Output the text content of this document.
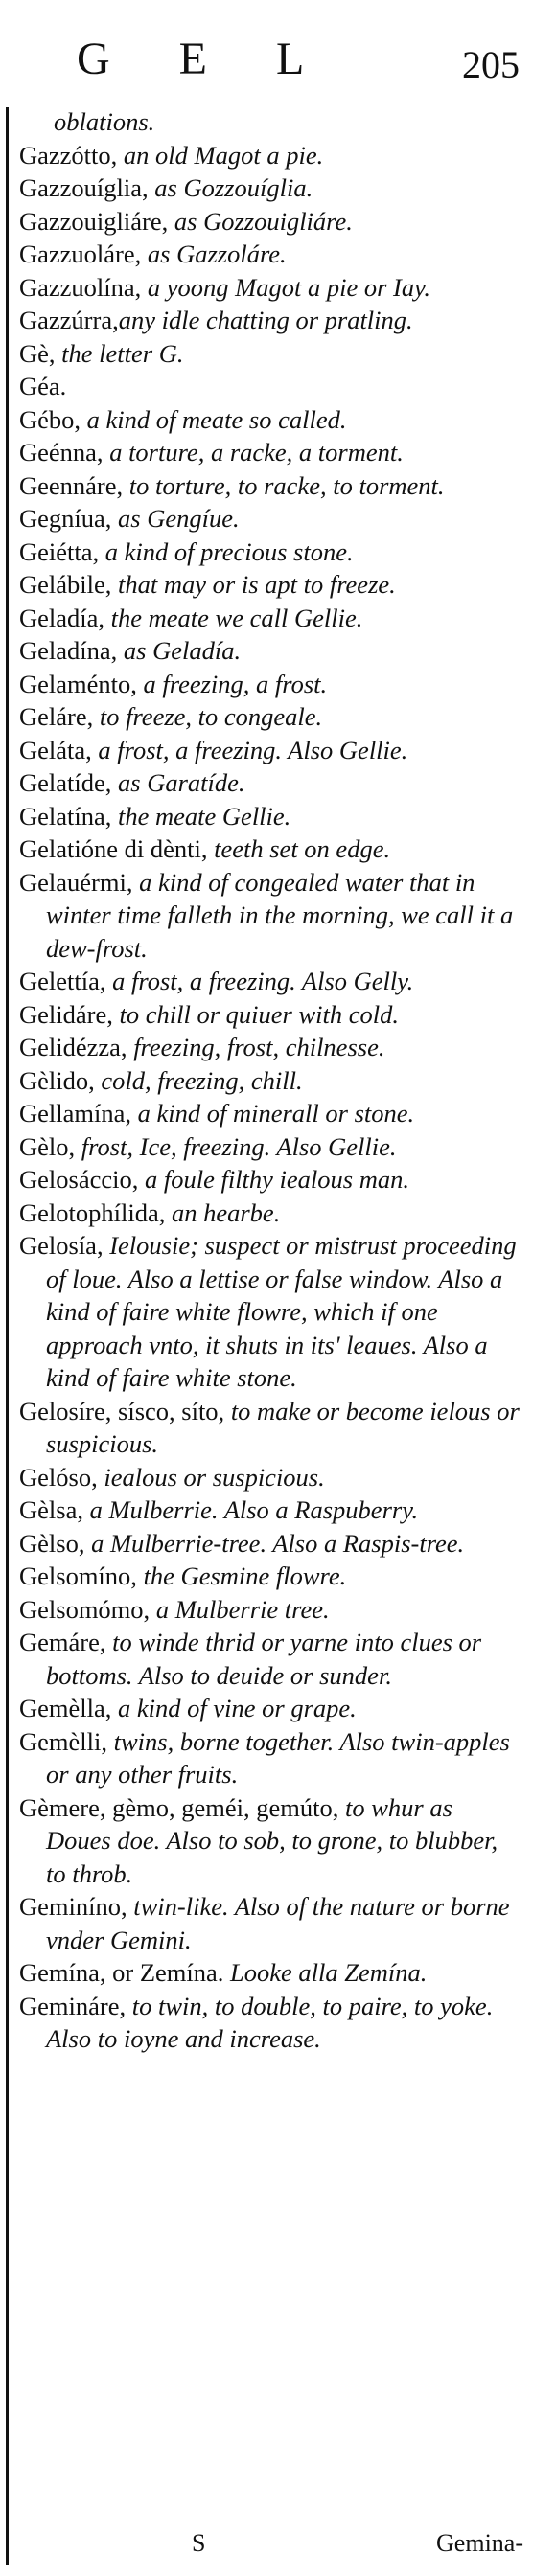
G E L	205

oblations.

Gazzótto, an old Magot a pie.

Gazzouíglia, as Gozzouíglia.

Gazzouigliáre, as Gozzouigliáre.

Gazzuoláre, as Gazzoláre.

Gazzuolína, a yoong Magot a pie or Iay.

Gazzúrra,any idle chatting or pratling.

Gè, the letter G.

Géa.

Gébo, a kind of meate so called.

Geénna, a torture, a racke, a torment.

Geennáre, to torture, to racke, to torment.

Gegníua, as Gengíue.

Geiétta, a kind of precious stone.

Gelábile, that may or is apt to freeze.

Geladía, the meate we call Gellie.

Geladína, as Geladía.

Gelaménto, a freezing, a frost.

Geláre, to freeze, to congeale.

Geláta, a frost, a freezing. Also Gellie.

Gelatíde, as Garatíde.

Gelatína, the meate Gellie.

Gelatióne di dènti, teeth set on edge.

Gelauérmi, a kind of congealed water that in winter time falleth in the morning, we call it a dew-frost.

Gelettía, a frost, a freezing. Also Gelly.

Gelidáre, to chill or quiuer with cold.

Gelidézza, freezing, frost, chilnesse.

Gèlido, cold, freezing, chill.

Gellamína, a kind of minerall or stone.

Gèlo, frost, Ice, freezing. Also Gellie.

Gelosáccio, a foule filthy iealous man.

Gelotophílida, an hearbe.

Gelosía, Ielousie; suspect or mistrust proceeding of loue. Also a lettise or false window. Also a kind of faire white flowre, which if one approach vnto, it shuts in its' leaues. Also a kind of faire white stone.

Gelosíre, sísco, síto, to make or become ielous or suspicious.

Gelóso, iealous or suspicious.

Gèlsa, a Mulberrie. Also a Raspuberry.

Gèlso, a Mulberrie-tree. Also a Raspis-tree.

Gelsomíno, the Gesmine flowre.

Gelsomómo, a Mulberrie tree.

Gemáre, to winde thrid or yarne into clues or bottoms. Also to deuide or sunder.

Gemèlla, a kind of vine or grape.

Gemèlli, twins, borne together. Also twin-apples or any other fruits.

Gèmere, gèmo, geméi, gemúto, to whur as Doues doe. Also to sob, to grone, to blubber, to throb.

Geminíno, twin-like. Also of the nature or borne vnder Gemini.

Gemína, or Zemína. Looke alla Zemína.

Gemináre, to twin, to double, to paire, to yoke. Also to ioyne and increase.

S	Gemina-
